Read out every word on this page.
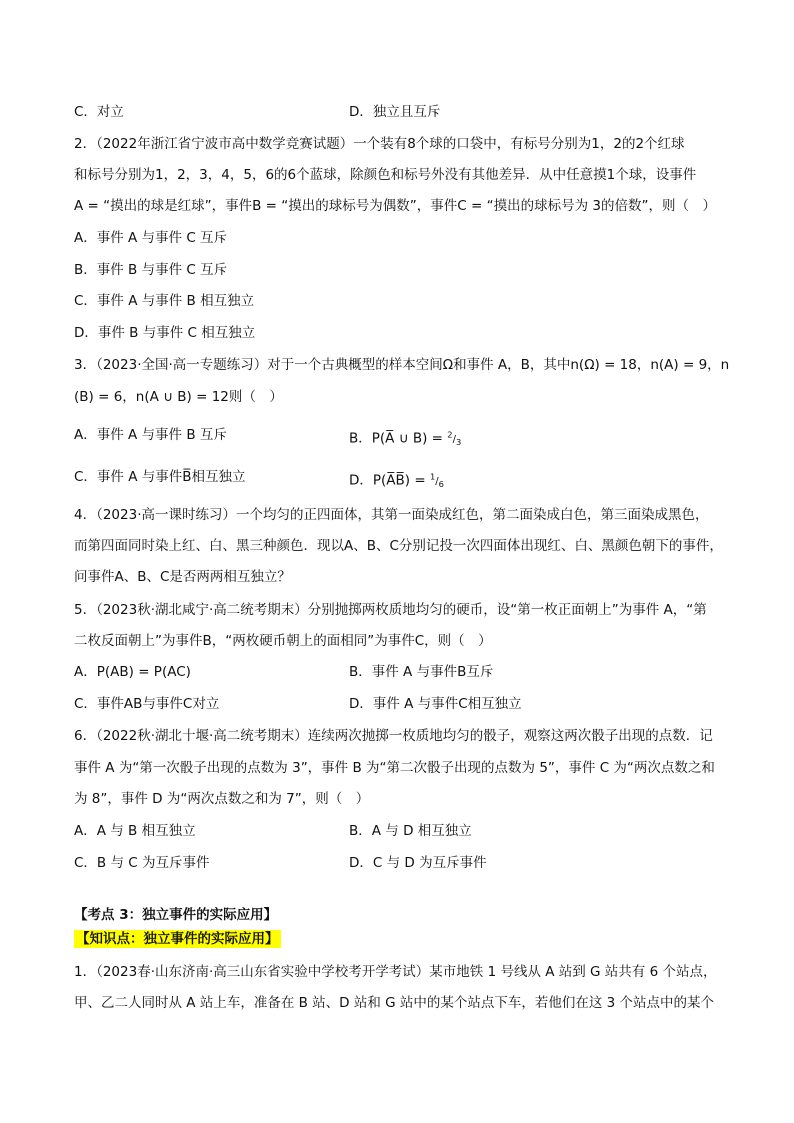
C．对立	D．独立且互斥
2．（2022年浙江省宁波市高中数学竞赛试题）一个装有8个球的口袋中，有标号分别为1，2的2个红球
和标号分别为1，2，3，4，5，6的6个蓝球，除颜色和标号外没有其他差异．从中任意摸1个球，设事件
A = “摸出的球是红球”，事件B = “摸出的球标号为偶数”，事件C = “摸出的球标号为 3的倍数”，则（　）
A．事件 A 与事件 C 互斥
B．事件 B 与事件 C 互斥
C．事件 A 与事件 B 相互独立
D．事件 B 与事件 C 相互独立
3．（2023·全国·高一专题练习）对于一个古典概型的样本空间Ω和事件 A，B，其中n(Ω) = 18，n(A) = 9，n
(B) = 6，n(A ∪ B) = 12则（　）
A．事件 A 与事件 B 互斥	B．P(A̅ ∪ $B) = ^2/_3$
C．事件 A 与事件B̅相互独立	D．P(A̅B̅) = $^1/_6$
4．（2023·高一课时练习）一个均匀的正四面体，其第一面染成红色，第二面染成白色，第三面染成黑色，
而第四面同时染上红、白、黑三种颜色．现以A、B、C分别记投一次四面体出现红、白、黑颜色朝下的事件，
问事件A、B、C是否两两相互独立？
5．（2023秋·湖北咸宁·高二统考期末）分别抛掷两枚质地均匀的硬币，设“第一枚正面朝上”为事件 A，“第
二枚反面朝上”为事件B，“两枚硬币朝上的面相同”为事件C，则（　）
A．P(AB) = P(AC)	B．事件 A 与事件B互斥
C．事件AB与事件C对立	D．事件 A 与事件C相互独立
6．（2022秋·湖北十堰·高二统考期末）连续两次抛掷一枚质地均匀的骰子，观察这两次骰子出现的点数．记
事件 A 为“第一次骰子出现的点数为 3”，事件 B 为“第二次骰子出现的点数为 5”，事件 C 为“两次点数之和
为 8”，事件 D 为“两次点数之和为 7”，则（　）
A．A 与 B 相互独立	B．A 与 D 相互独立
C．B 与 C 为互斥事件	D．C 与 D 为互斥事件
【考点 3：独立事件的实际应用】
【知识点：独立事件的实际应用】
1．（2023春·山东济南·高三山东省实验中学校考开学考试）某市地铁 1 号线从 A 站到 G 站共有 6 个站点，
甲、乙二人同时从 A 站上车，准备在 B 站、D 站和 G 站中的某个站点下车，若他们在这 3 个站点中的某个
